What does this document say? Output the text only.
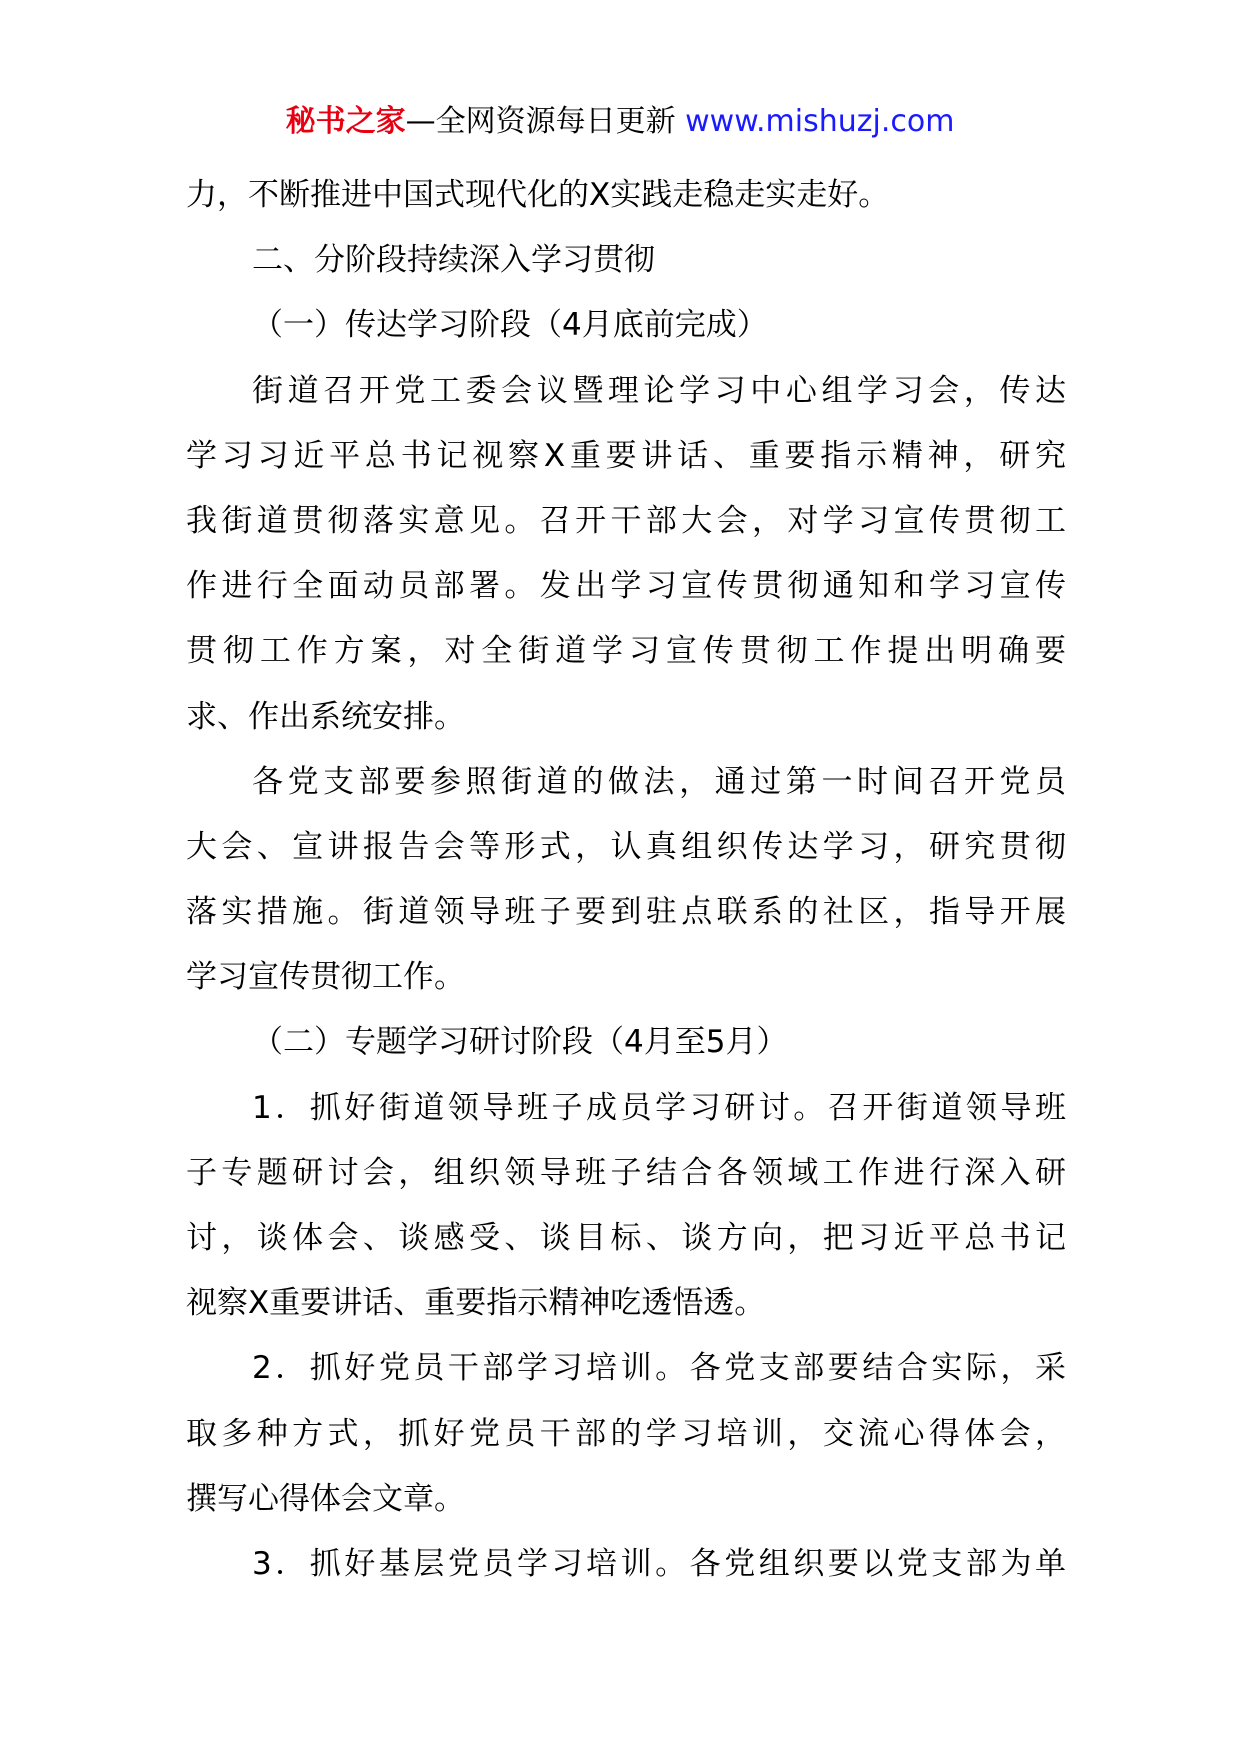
秘书之家—全网资源每日更新 www.mishuzj.com
力，不断推进中国式现代化的X实践走稳走实走好。
二、分阶段持续深入学习贯彻
（一）传达学习阶段（4月底前完成）
街道召开党工委会议暨理论学习中心组学习会，传达
学习习近平总书记视察X重要讲话、重要指示精神，研究
我街道贯彻落实意见。召开干部大会，对学习宣传贯彻工
作进行全面动员部署。发出学习宣传贯彻通知和学习宣传
贯彻工作方案，对全街道学习宣传贯彻工作提出明确要
求、作出系统安排。
各党支部要参照街道的做法，通过第一时间召开党员
大会、宣讲报告会等形式，认真组织传达学习，研究贯彻
落实措施。街道领导班子要到驻点联系的社区，指导开展
学习宣传贯彻工作。
（二）专题学习研讨阶段（4月至5月）
1．抓好街道领导班子成员学习研讨。召开街道领导班
子专题研讨会，组织领导班子结合各领域工作进行深入研
讨，谈体会、谈感受、谈目标、谈方向，把习近平总书记
视察X重要讲话、重要指示精神吃透悟透。
2．抓好党员干部学习培训。各党支部要结合实际，采
取多种方式，抓好党员干部的学习培训，交流心得体会，
撰写心得体会文章。
3．抓好基层党员学习培训。各党组织要以党支部为单
